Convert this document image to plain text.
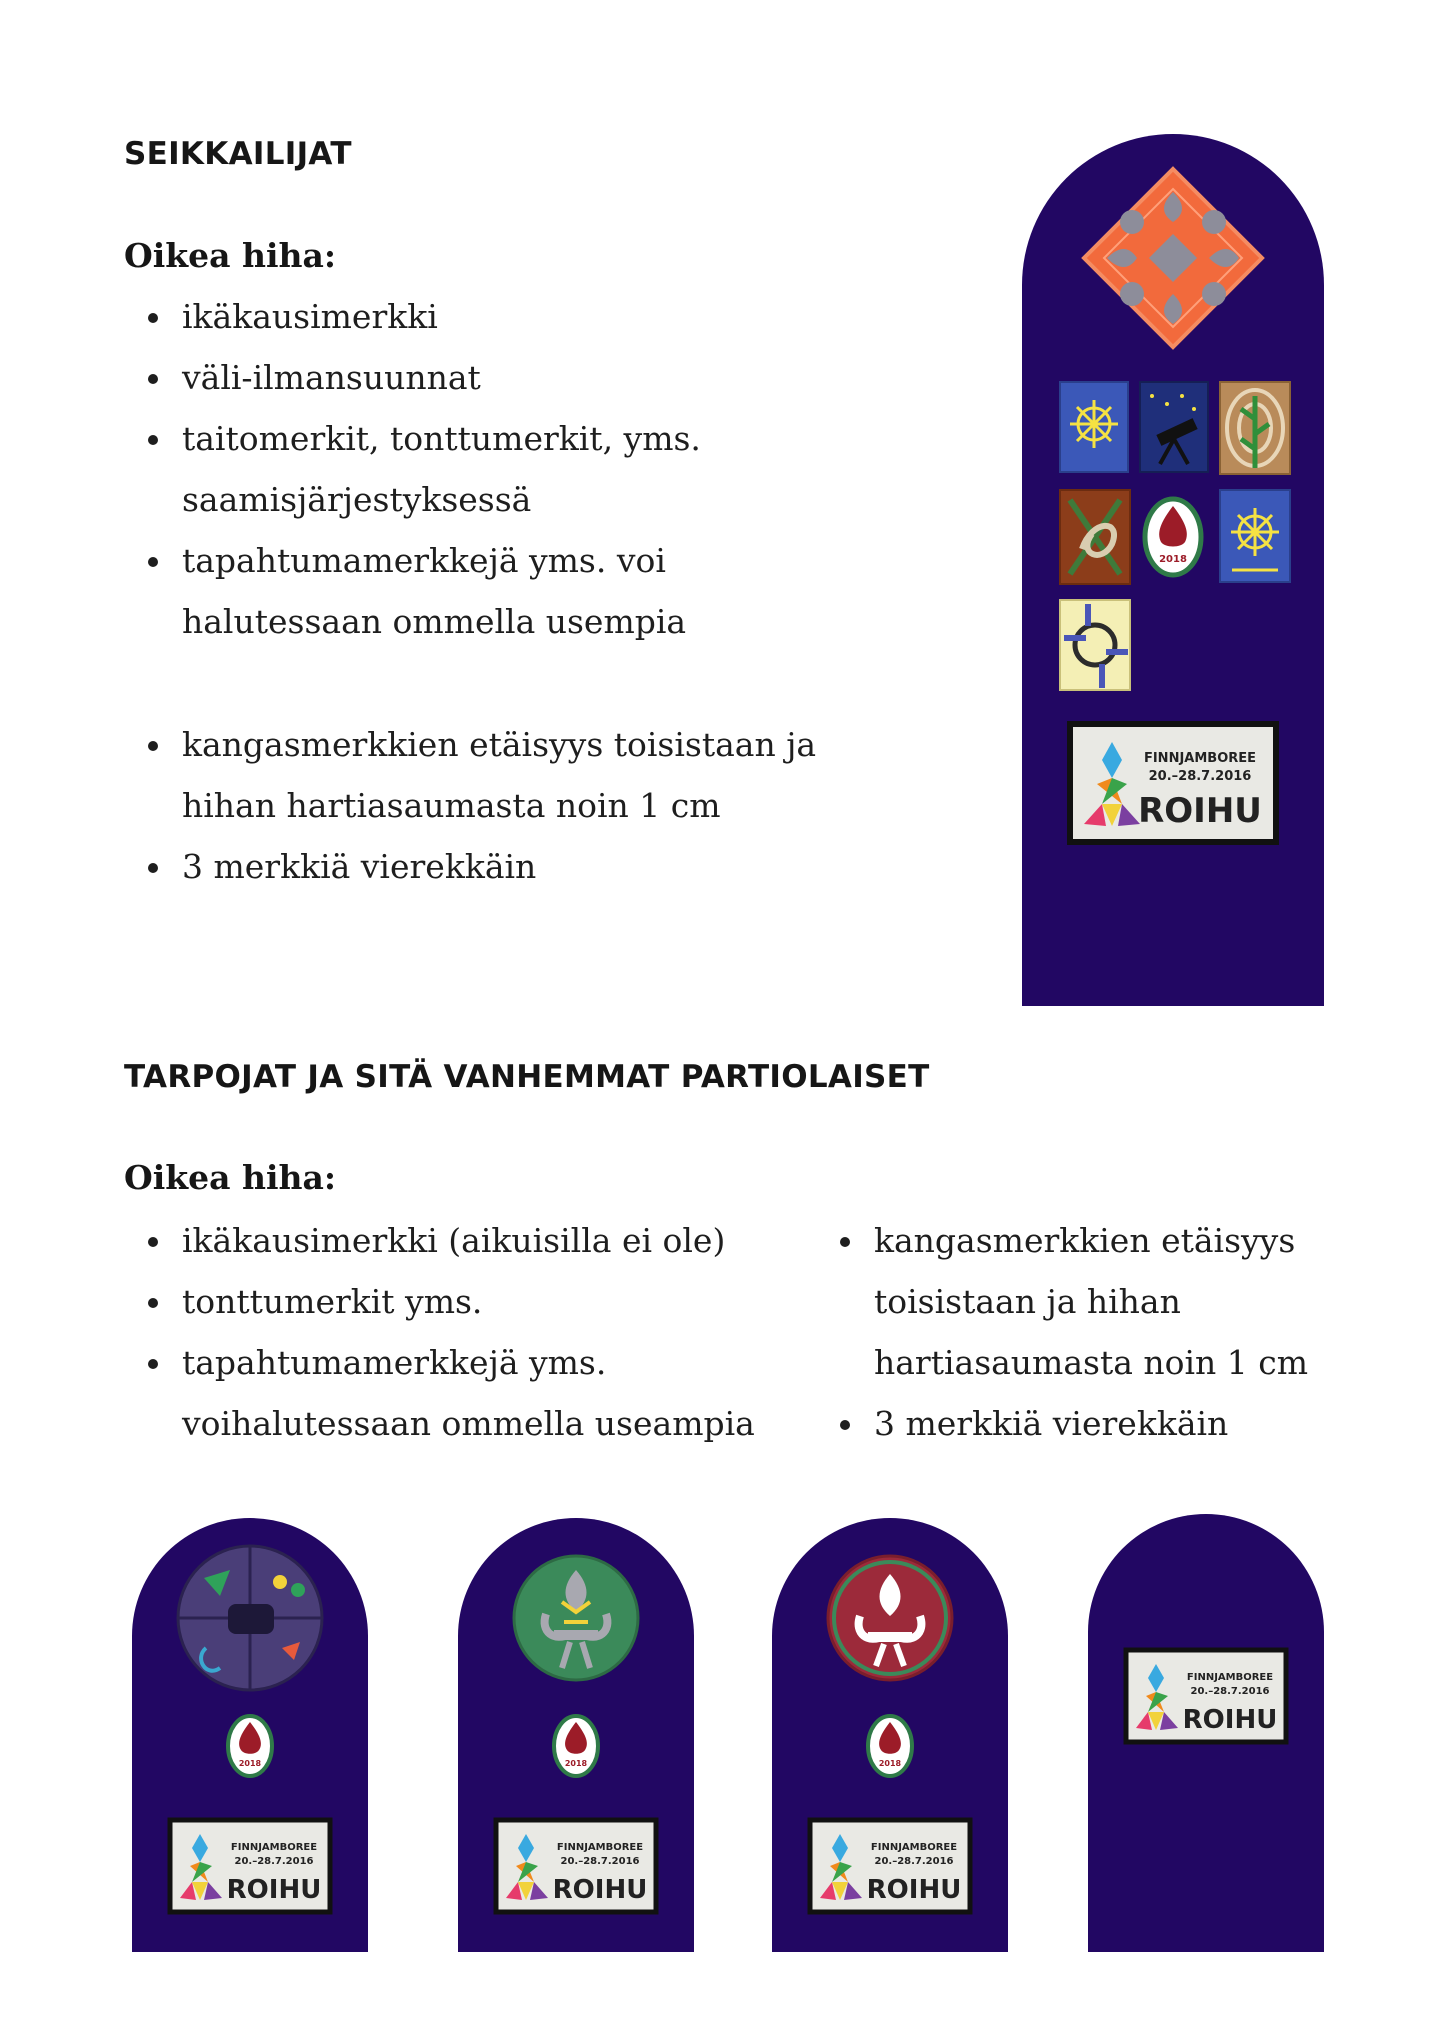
SEIKKAILIJAT
Oikea hiha:
ikäkausimerkki
väli-ilmansuunnat
taitomerkit, tonttumerkit, yms.
saamisjärjestyksessä
tapahtumamerkkejä yms. voi
halutessaan ommella usempia
kangasmerkkien etäisyys toisistaan ja
hihan hartiasaumasta noin 1 cm
3 merkkiä vierekkäin
2018
FINNJAMBOREE
20.–28.7.2016
ROIHU
TARPOJAT JA SITÄ VANHEMMAT PARTIOLAISET
Oikea hiha:
ikäkausimerkki (aikuisilla ei ole)
tonttumerkit yms.
tapahtumamerkkejä yms.
voihalutessaan ommella useampia
kangasmerkkien etäisyys
toisistaan ja hihan
hartiasaumasta noin 1 cm
3 merkkiä vierekkäin
2018
FINNJAMBOREE
20.–28.7.2016
ROIHU
2018
FINNJAMBOREE
20.–28.7.2016
ROIHU
2018
FINNJAMBOREE
20.–28.7.2016
ROIHU
FINNJAMBOREE
20.–28.7.2016
ROIHU
